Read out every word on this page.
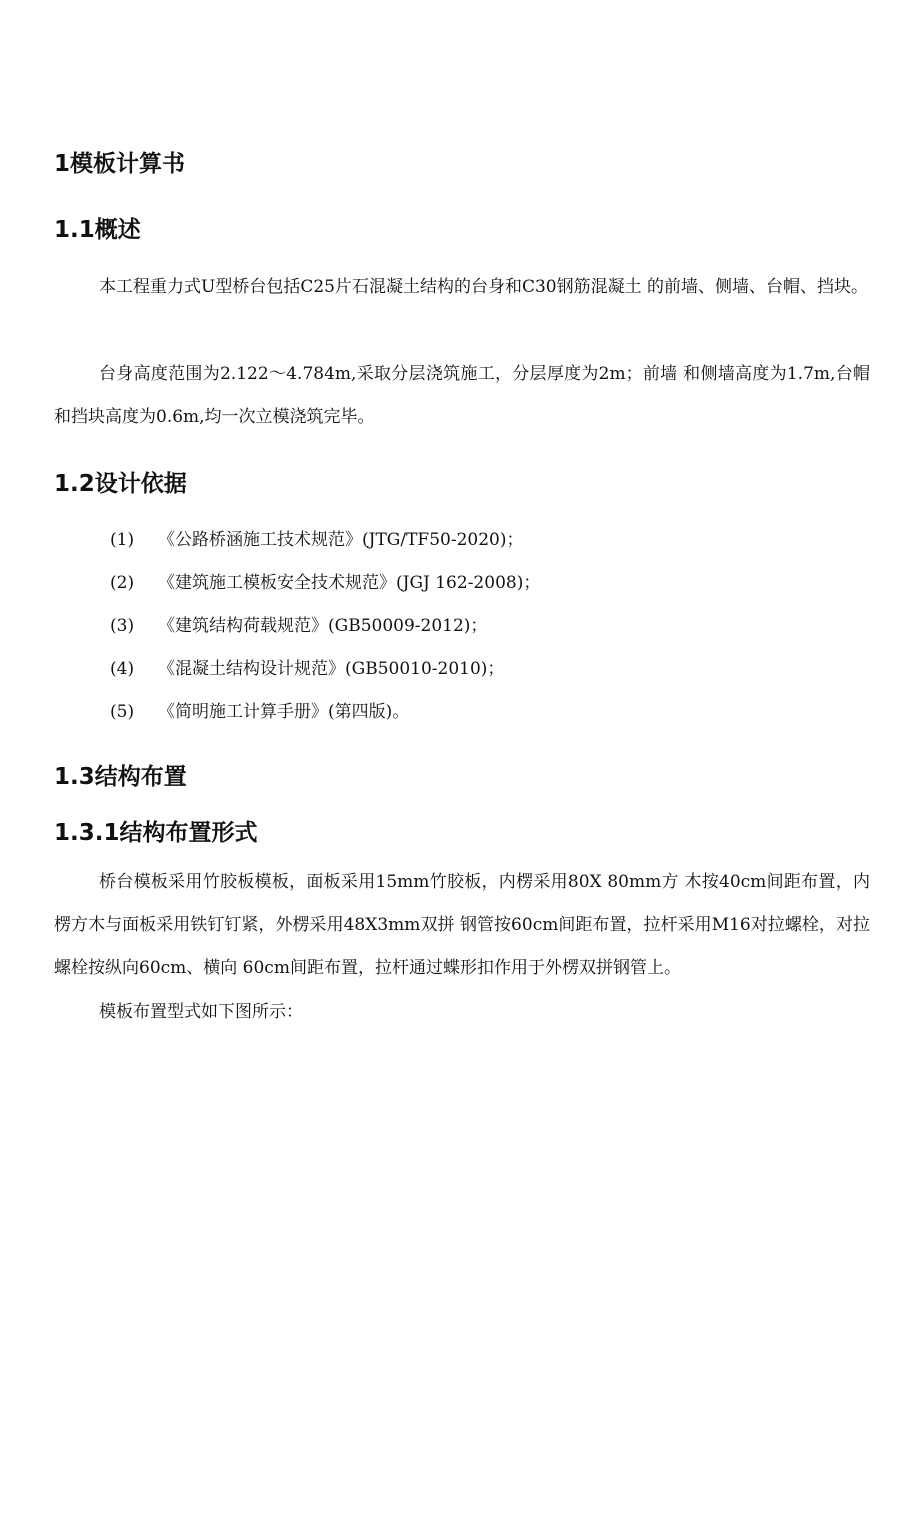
1模板计算书
1.1概述
本工程重力式U型桥台包括C25片石混凝土结构的台身和C30钢筋混凝土 的前墙、侧墙、台帽、挡块。
台身高度范围为2.122～4.784m,采取分层浇筑施工，分层厚度为2m；前墙 和侧墙高度为1.7m,台帽和挡块高度为0.6m,均一次立模浇筑完毕。
1.2设计依据
(1) 《公路桥涵施工技术规范》(JTG/TF50-2020)；
(2) 《建筑施工模板安全技术规范》(JGJ 162-2008)；
(3) 《建筑结构荷载规范》(GB50009-2012)；
(4) 《混凝土结构设计规范》(GB50010-2010)；
(5) 《简明施工计算手册》(第四版)。
1.3结构布置
1.3.1结构布置形式
桥台模板采用竹胶板模板，面板采用15mm竹胶板，内楞采用80X 80mm方 木按40cm间距布置，内楞方木与面板采用铁钉钉紧，外楞采用48X3mm双拼 钢管按60cm间距布置，拉杆采用M16对拉螺栓，对拉螺栓按纵向60cm、横向 60cm间距布置，拉杆通过蝶形扣作用于外楞双拼钢管上。
模板布置型式如下图所示：
